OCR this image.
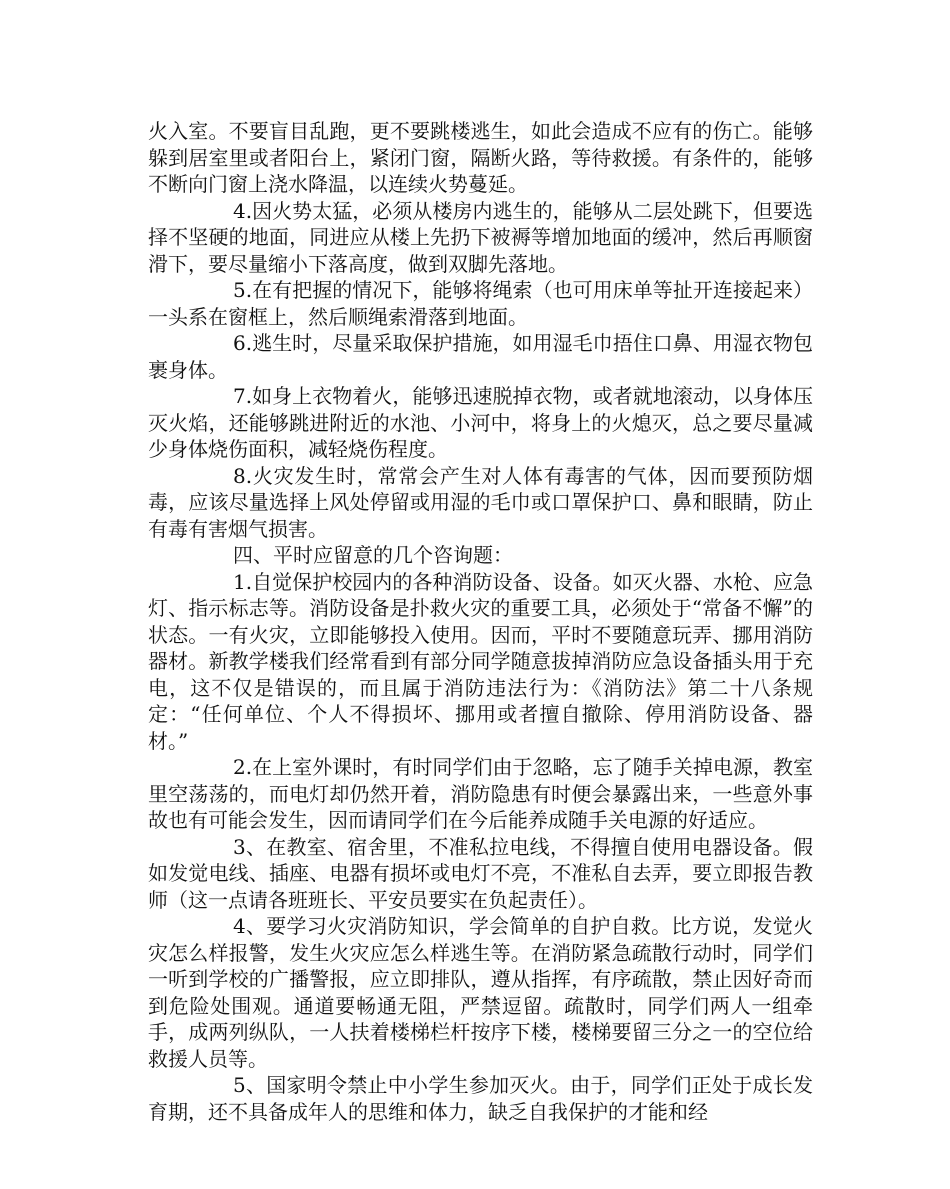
火入室。不要盲目乱跑，更不要跳楼逃生，如此会造成不应有的伤亡。能够躲到居室里或者阳台上，紧闭门窗，隔断火路，等待救援。有条件的，能够不断向门窗上浇水降温，以连续火势蔓延。

4.因火势太猛，必须从楼房内逃生的，能够从二层处跳下，但要选择不坚硬的地面，同进应从楼上先扔下被褥等增加地面的缓冲，然后再顺窗滑下，要尽量缩小下落高度，做到双脚先落地。

5.在有把握的情况下，能够将绳索（也可用床单等扯开连接起来）一头系在窗框上，然后顺绳索滑落到地面。

6.逃生时，尽量采取保护措施，如用湿毛巾捂住口鼻、用湿衣物包裹身体。

7.如身上衣物着火，能够迅速脱掉衣物，或者就地滚动，以身体压灭火焰，还能够跳进附近的水池、小河中，将身上的火熄灭，总之要尽量减少身体烧伤面积，减轻烧伤程度。

8.火灾发生时，常常会产生对人体有毒害的气体，因而要预防烟毒，应该尽量选择上风处停留或用湿的毛巾或口罩保护口、鼻和眼睛，防止有毒有害烟气损害。

四、平时应留意的几个咨询题：

1.自觉保护校园内的各种消防设备、设备。如灭火器、水枪、应急灯、指示标志等。消防设备是扑救火灾的重要工具，必须处于“常备不懈”的状态。一有火灾，立即能够投入使用。因而，平时不要随意玩弄、挪用消防器材。新教学楼我们经常看到有部分同学随意拔掉消防应急设备插头用于充电，这不仅是错误的，而且属于消防违法行为：《消防法》第二十八条规定：“任何单位、个人不得损坏、挪用或者擅自撤除、停用消防设备、器材。”

2.在上室外课时，有时同学们由于忽略，忘了随手关掉电源，教室里空荡荡的，而电灯却仍然开着，消防隐患有时便会暴露出来，一些意外事故也有可能会发生，因而请同学们在今后能养成随手关电源的好适应。

3、在教室、宿舍里，不准私拉电线，不得擅自使用电器设备。假如发觉电线、插座、电器有损坏或电灯不亮，不准私自去弄，要立即报告教师（这一点请各班班长、平安员要实在负起责任）。

4、要学习火灾消防知识，学会简单的自护自救。比方说，发觉火灾怎么样报警，发生火灾应怎么样逃生等。在消防紧急疏散行动时，同学们一听到学校的广播警报，应立即排队，遵从指挥，有序疏散，禁止因好奇而到危险处围观。通道要畅通无阻，严禁逗留。疏散时，同学们两人一组牵手，成两列纵队，一人扶着楼梯栏杆按序下楼，楼梯要留三分之一的空位给救援人员等。

5、国家明令禁止中小学生参加灭火。由于，同学们正处于成长发育期，还不具备成年人的思维和体力，缺乏自我保护的才能和经
